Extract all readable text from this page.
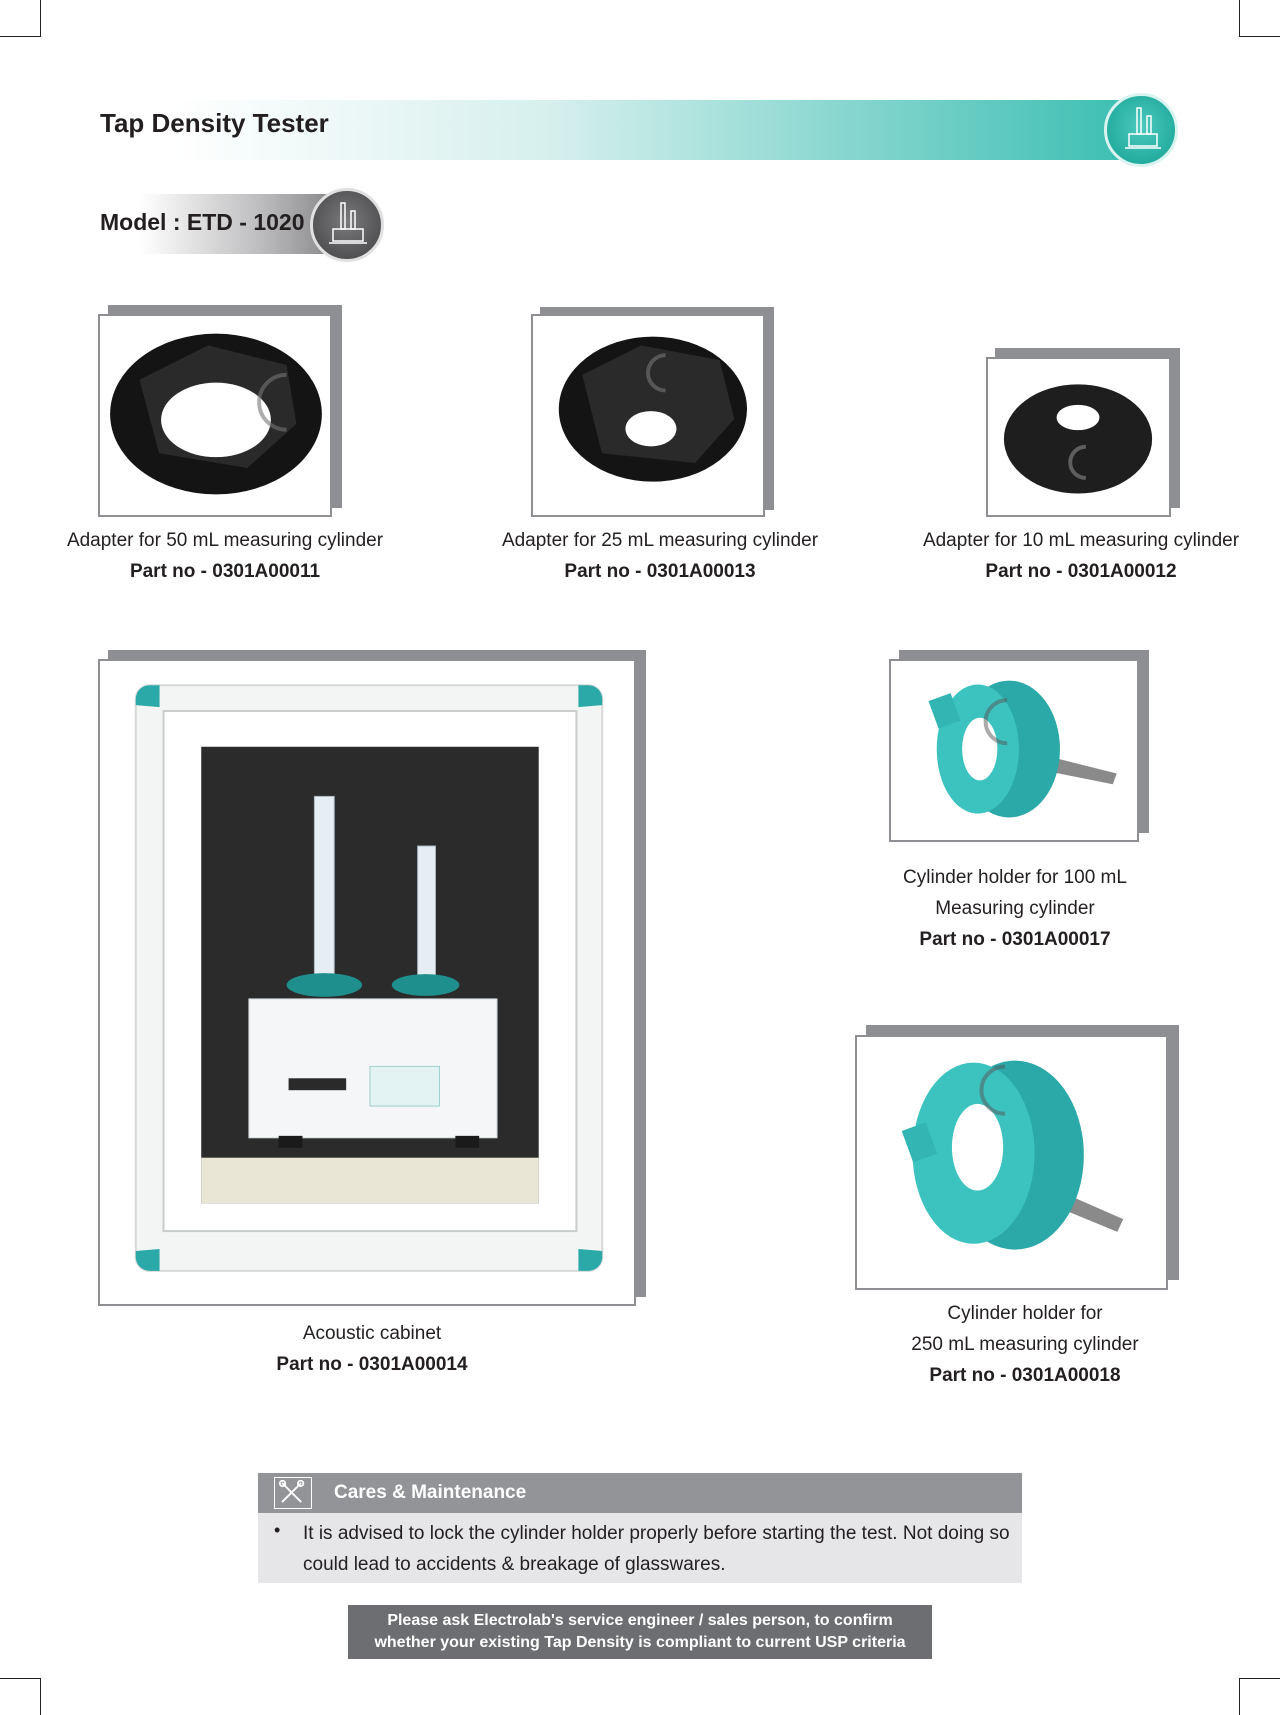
Tap Density Tester
Model : ETD - 1020
Adapter for 50 mL measuring cylinder
Part no - 0301A00011
Adapter for 25 mL measuring cylinder
Part no - 0301A00013
Adapter for 10 mL measuring cylinder
Part no - 0301A00012
Acoustic cabinet
Part no - 0301A00014
Cylinder holder for 100 mL
Measuring cylinder
Part no - 0301A00017
Cylinder holder for
250 mL measuring cylinder
Part no - 0301A00018
Cares & Maintenance
• It is advised to lock the cylinder holder properly before starting the test. Not doing so could lead to accidents & breakage of glasswares.
Please ask Electrolab's service engineer / sales person, to confirm
whether your existing Tap Density is compliant to current USP criteria
